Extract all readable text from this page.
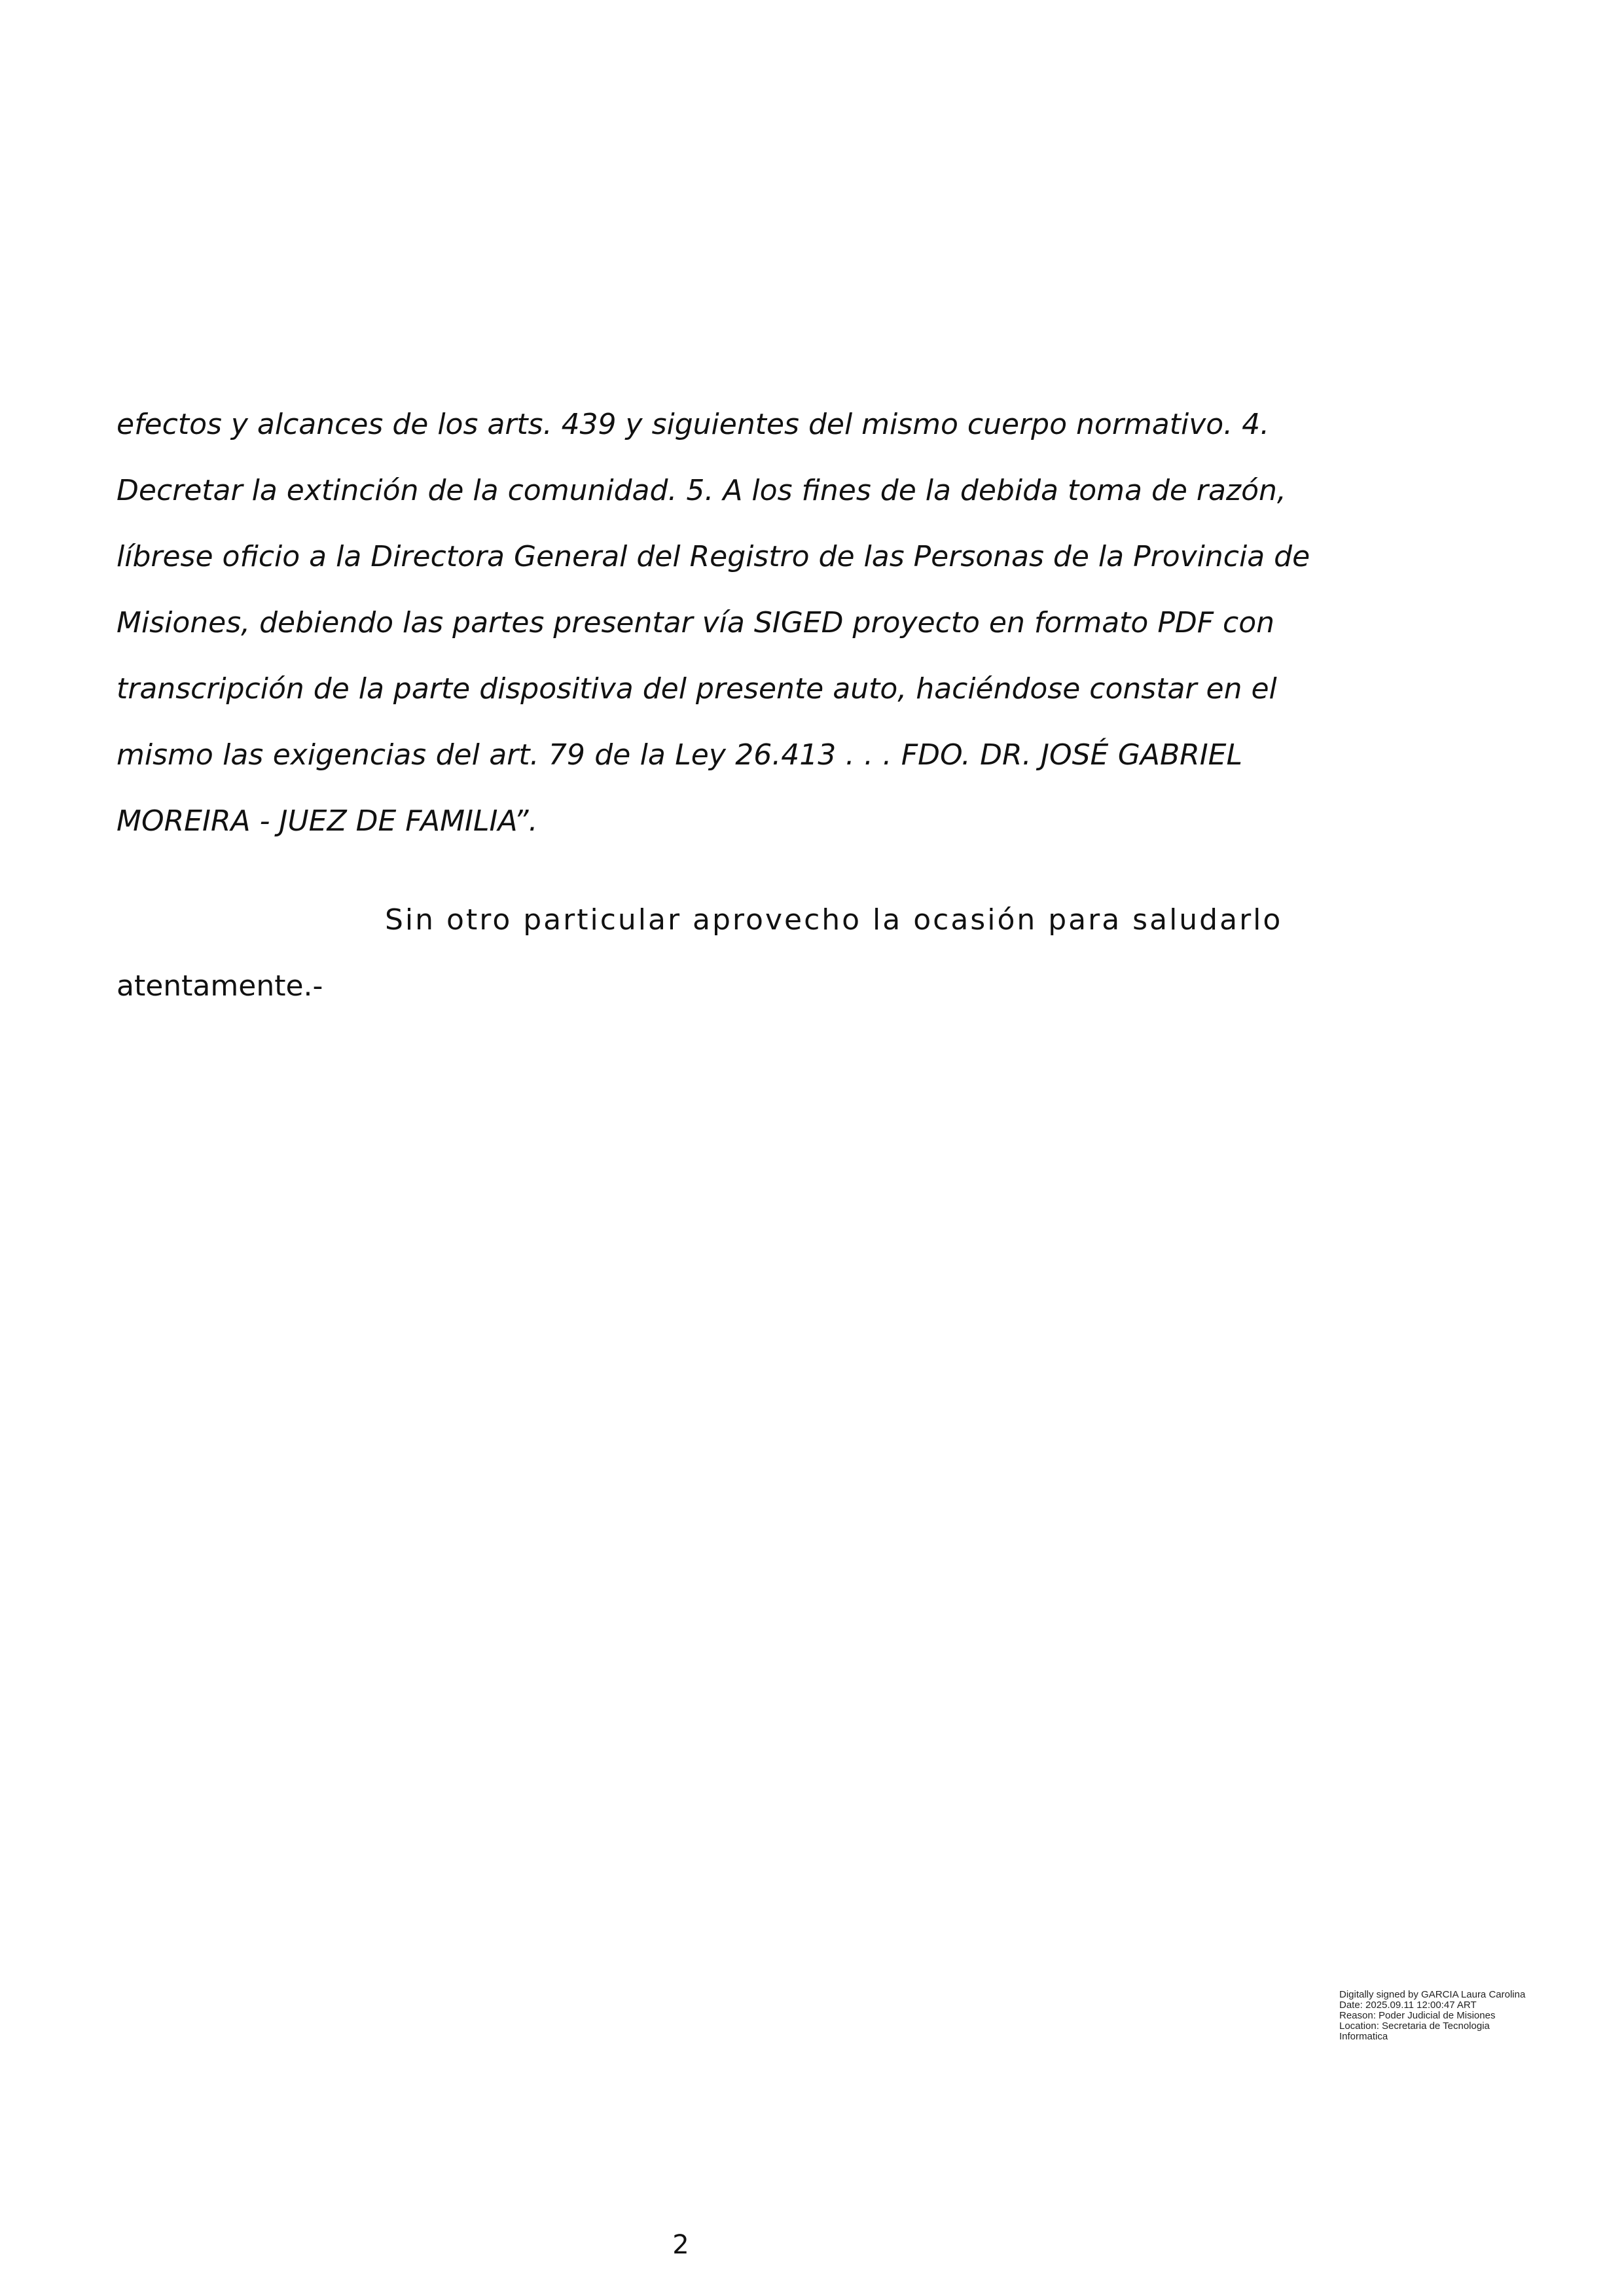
efectos y alcances de los arts. 439 y siguientes del mismo cuerpo normativo. 4.
Decretar la extinción de la comunidad. 5. A los fines de la debida toma de razón,
líbrese oficio a la Directora General del Registro de las Personas de la Provincia de
Misiones, debiendo las partes presentar vía SIGED proyecto en formato PDF con
transcripción de la parte dispositiva del presente auto, haciéndose constar en el
mismo las exigencias del art. 79 de la Ley 26.413 . . . FDO. DR. JOSÉ GABRIEL
MOREIRA - JUEZ DE FAMILIA”.
Sin otro particular aprovecho la ocasión para saludarlo
atentamente.-
Digitally signed by GARCIA Laura Carolina
Date: 2025.09.11 12:00:47 ART
Reason: Poder Judicial de Misiones
Location: Secretaria de Tecnologia
Informatica
2
